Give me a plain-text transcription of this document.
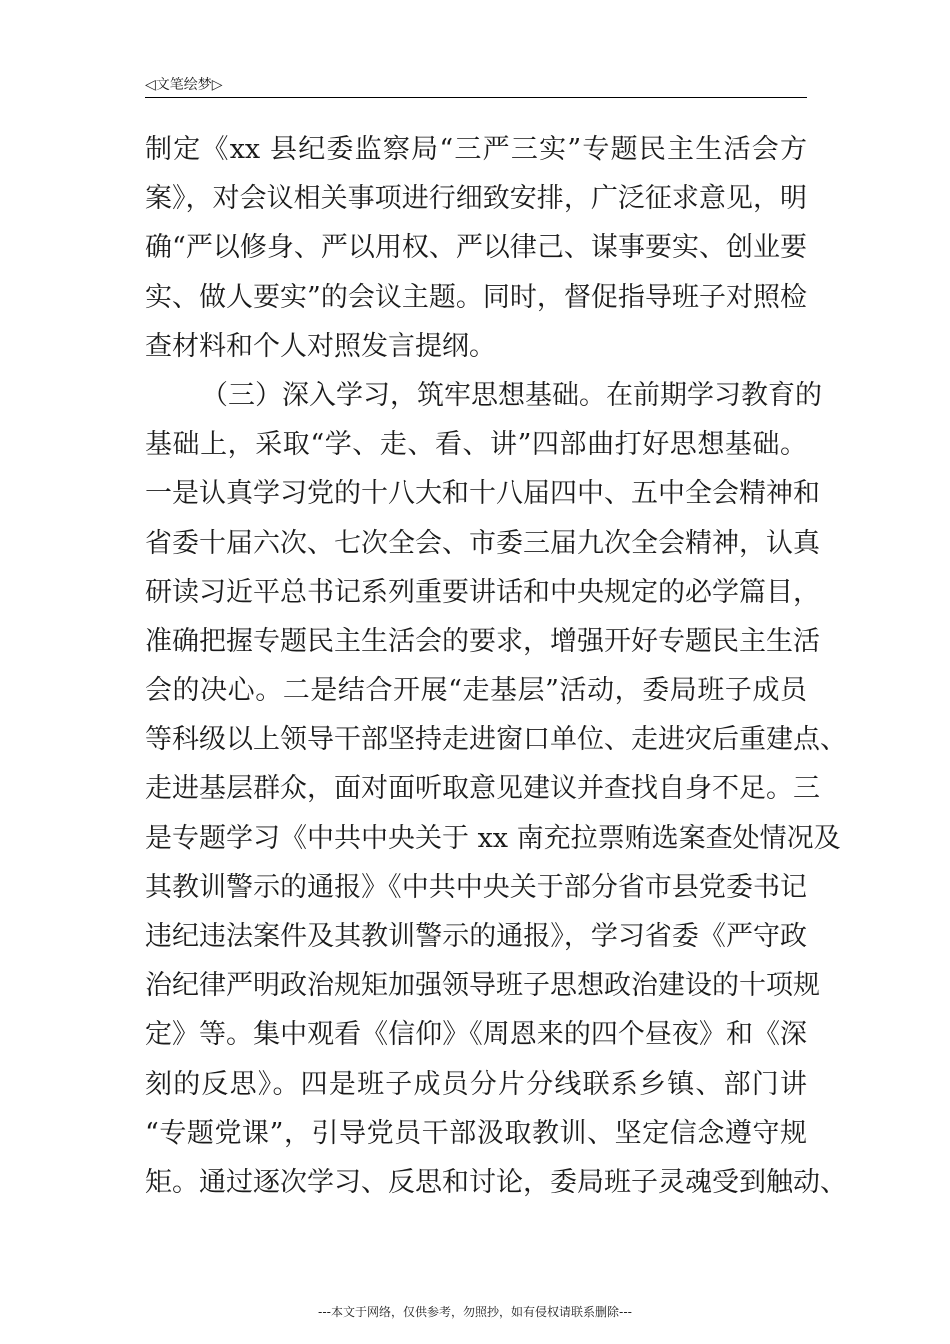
◁文笔绘梦▷
制定《xx 县纪委监察局“三严三实”专题民主生活会方
案》，对会议相关事项进行细致安排，广泛征求意见，明
确“严以修身、严以用权、严以律己、谋事要实、创业要
实、做人要实”的会议主题。同时，督促指导班子对照检
查材料和个人对照发言提纲。
（三）深入学习，筑牢思想基础。在前期学习教育的
基础上，采取“学、走、看、讲”四部曲打好思想基础。
一是认真学习党的十八大和十八届四中、五中全会精神和
省委十届六次、七次全会、市委三届九次全会精神，认真
研读习近平总书记系列重要讲话和中央规定的必学篇目，
准确把握专题民主生活会的要求，增强开好专题民主生活
会的决心。二是结合开展“走基层”活动，委局班子成员
等科级以上领导干部坚持走进窗口单位、走进灾后重建点、
走进基层群众，面对面听取意见建议并查找自身不足。三
是专题学习《中共中央关于 xx 南充拉票贿选案查处情况及
其教训警示的通报》《中共中央关于部分省市县党委书记
违纪违法案件及其教训警示的通报》，学习省委《严守政
治纪律严明政治规矩加强领导班子思想政治建设的十项规
定》等。集中观看《信仰》《周恩来的四个昼夜》和《深
刻的反思》。四是班子成员分片分线联系乡镇、部门讲
“专题党课”，引导党员干部汲取教训、坚定信念遵守规
矩。通过逐次学习、反思和讨论，委局班子灵魂受到触动、
---本文于网络，仅供参考，勿照抄，如有侵权请联系删除---
